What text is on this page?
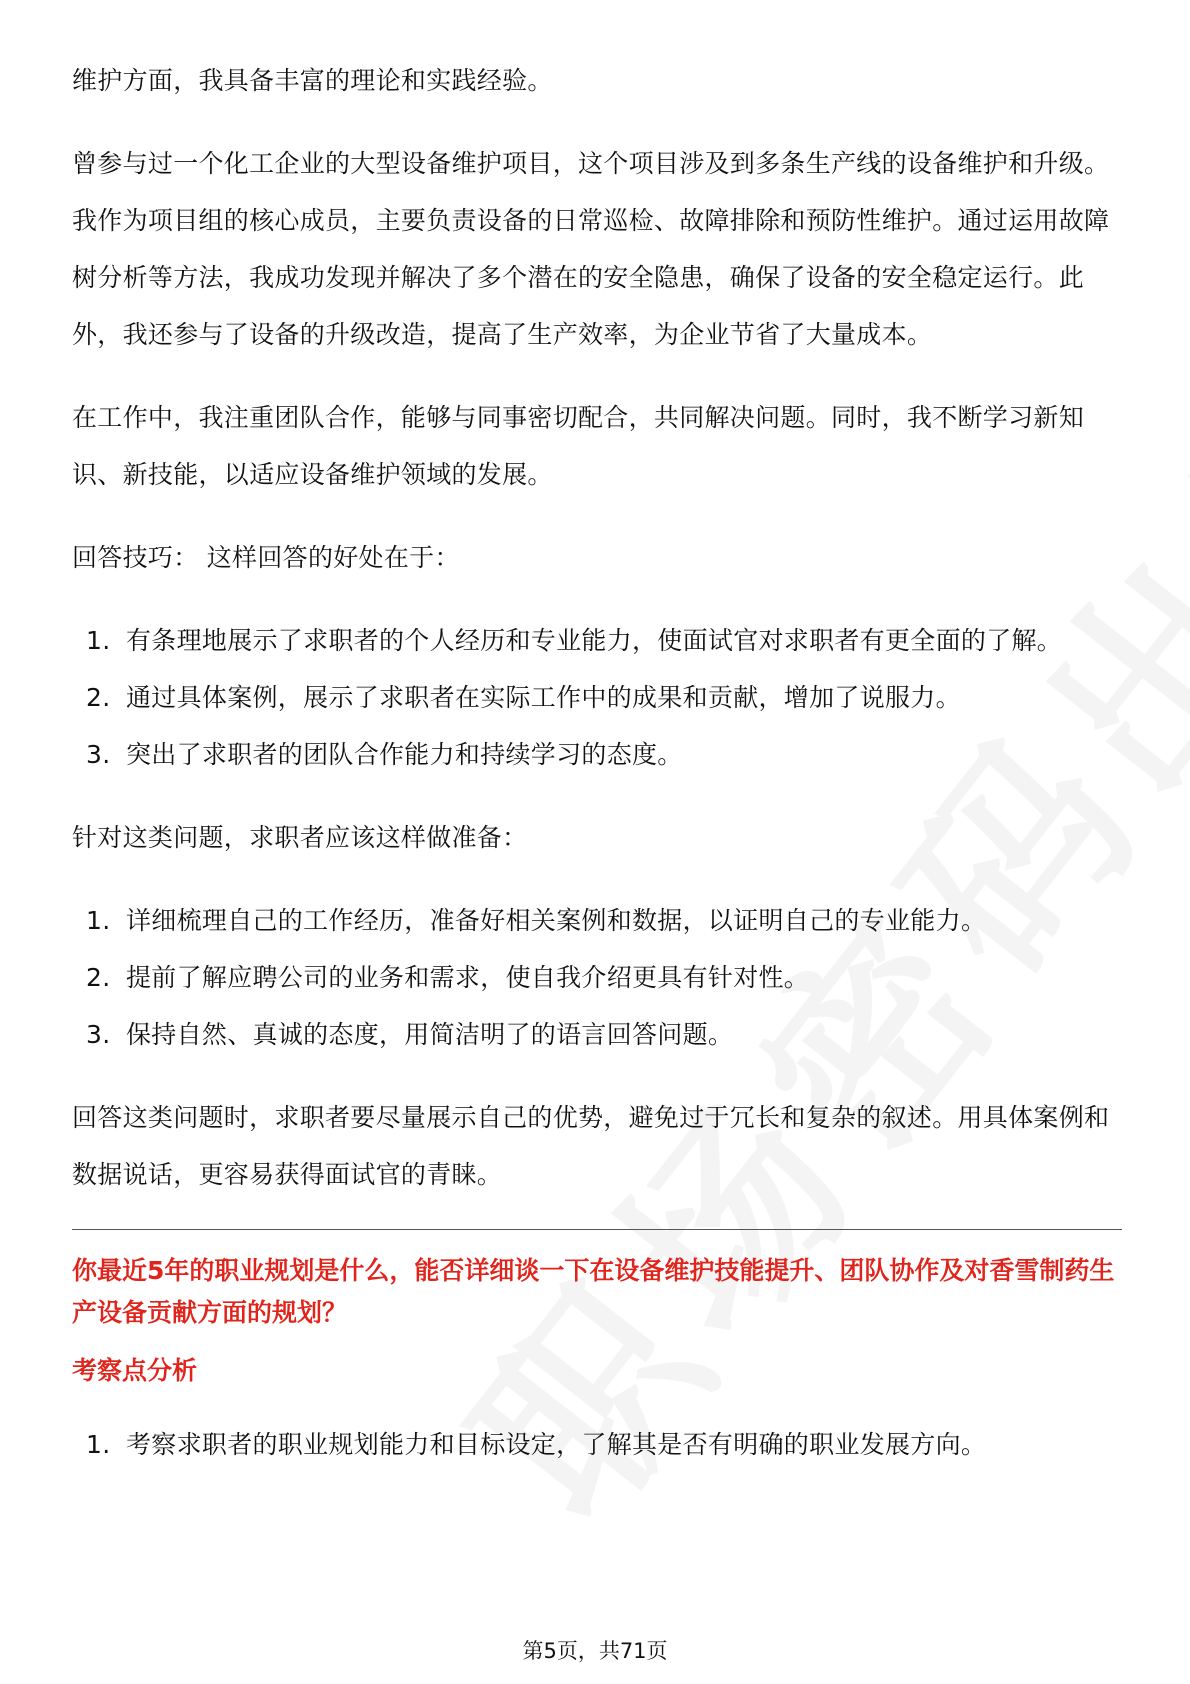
维护方面，我具备丰富的理论和实践经验。

曾参与过一个化工企业的大型设备维护项目，这个项目涉及到多条生产线的设备维护和升级。我作为项目组的核心成员，主要负责设备的日常巡检、故障排除和预防性维护。通过运用故障树分析等方法，我成功发现并解决了多个潜在的安全隐患，确保了设备的安全稳定运行。此外，我还参与了设备的升级改造，提高了生产效率，为企业节省了大量成本。

在工作中，我注重团队合作，能够与同事密切配合，共同解决问题。同时，我不断学习新知识、新技能，以适应设备维护领域的发展。

回答技巧： 这样回答的好处在于：

1. 有条理地展示了求职者的个人经历和专业能力，使面试官对求职者有更全面的了解。
2. 通过具体案例，展示了求职者在实际工作中的成果和贡献，增加了说服力。
3. 突出了求职者的团队合作能力和持续学习的态度。

针对这类问题，求职者应该这样做准备：

1. 详细梳理自己的工作经历，准备好相关案例和数据，以证明自己的专业能力。
2. 提前了解应聘公司的业务和需求，使自我介绍更具有针对性。
3. 保持自然、真诚的态度，用简洁明了的语言回答问题。

回答这类问题时，求职者要尽量展示自己的优势，避免过于冗长和复杂的叙述。用具体案例和数据说话，更容易获得面试官的青睐。

你最近5年的职业规划是什么，能否详细谈一下在设备维护技能提升、团队协作及对香雪制药生产设备贡献方面的规划？
考察点分析
1. 考察求职者的职业规划能力和目标设定，了解其是否有明确的职业发展方向。
第5页，共71页
